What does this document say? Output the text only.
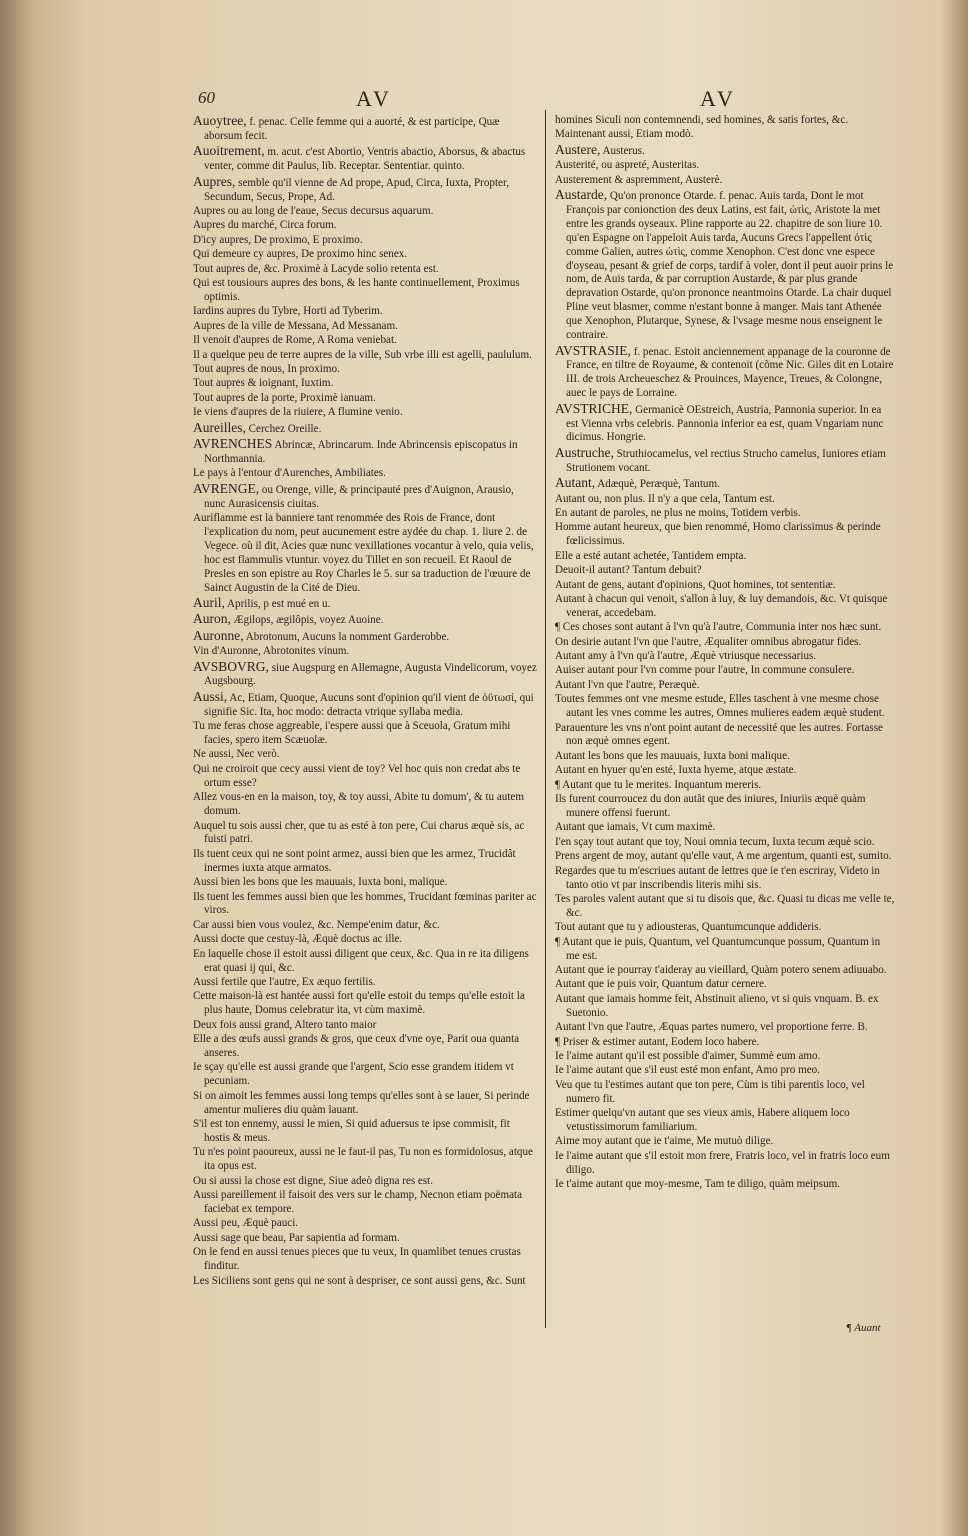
60	AV	AV
Auoytree, f. penac. Celle femme qui a auorté, & est participe, Quæ aborsum fecit.
Auoitrement, m. acut. c'est Abortio, Ventris abactio, Aborsus, & abactus venter, comme dit Paulus, lib. Receptar. Sententiar. quinto.
Aupres, semble qu'il vienne de Ad prope, Apud, Circa, Iuxta, Propter, Secundum, Secus, Prope, Ad.
Aupres ou au long de l'eaue, Secus decursus aquarum.
Aupres du marché, Circa forum.
D'icy aupres, De proximo, E proximo.
Qui demeure cy aupres, De proximo hinc senex.
Tout aupres de, &c. Proximè à Lacyde solio retenta est.
Qui est tousiours aupres des bons, & les hante continuellement, Proximus optimis.
Iardins aupres du Tybre, Horti ad Tyberim.
Aupres de la ville de Messana, Ad Messanam.
Il venoit d'aupres de Rome, A Roma veniebat.
Il a quelque peu de terre aupres de la ville, Sub vrbe illi est agelli, paululum.
Tout aupres de nous, In proximo.
Tout aupres & ioignant, Iuxtim.
Tout aupres de la porte, Proximè ianuam.
Ie viens d'aupres de la riuiere, A flumine venio.
Aureilles, Cerchez Oreille.
AVRENCHES Abrincæ, Abrincarum. Inde Abrincensis episcopatus in Northmannia.
Le pays à l'entour d'Aurenches, Ambiliates.
AVRENGE, ou Orenge, ville, & principauté pres d'Auignon, Arausio, nunc Aurasicensis ciuitas.
Auriflamme est la banniere tant renommée des Rois de France, dont l'explication du nom, peut aucunement estre aydée du chap. 1. liure 2. de Vegece. où il dit, Acies quæ nunc vexillationes vocantur à velo, quia velis, hoc est flammulis vtuntur. voyez du Tillet en son recueil. Et Raoul de Presles en son epistre au Roy Charles le 5. sur sa traduction de l'œuure de Sainct Augustin de la Cité de Dieu.
Auril, Aprilis, p est mué en u.
Auron, Ægilops, ægilôpis, voyez Auoine.
Auronne, Abrotonum, Aucuns la nomment Garderobbe.
Vin d'Auronne, Abrotonites vinum.
AVSBOVRG, siue Augspurg en Allemagne, Augusta Vindelicorum, voyez Augsbourg.
Aussi, Ac, Etiam, Quoque, Aucuns sont d'opinion qu'il vient de ὁϋτωσί, qui signifie Sic. Ita, hoc modo: detracta vtrique syllaba media.
Tu me feras chose aggreable, i'espere aussi que à Sceuola, Gratum mihi facies, spero item Scæuolæ.
Ne aussi, Nec verò.
Qui ne croiroit que cecy aussi vient de toy? Vel hoc quis non credat abs te ortum esse?
Allez vous-en en la maison, toy, & toy aussi, Abite tu domum', & tu autem domum.
Auquel tu sois aussi cher, que tu as esté à ton pere, Cui charus æquè sis, ac fuisti patri.
Ils tuent ceux qui ne sont point armez, aussi bien que les armez, Trucidât inermes iuxta atque armatos.
Aussi bien les bons que les mauuais, Iuxta boni, malique.
Ils tuent les femmes aussi bien que les hommes, Trucidant fœminas pariter ac viros.
Car aussi bien vous voulez, &c. Nempe'enim datur, &c.
Aussi docte que cestuy-là, Æquè doctus ac ille.
En laquelle chose il estoit aussi diligent que ceux, &c. Qua in re ita diligens erat quasi ij qui, &c.
Aussi fertile que l'autre, Ex æquo fertilis.
Cette maison-là est hantée aussi fort qu'elle estoit du temps qu'elle estoit la plus haute, Domus celebratur ita, vt cùm maximè.
Deux fois aussi grand, Altero tanto maior
Elle a des œufs aussi grands & gros, que ceux d'vne oye, Parit oua quanta anseres.
Ie sçay qu'elle est aussi grande que l'argent, Scio esse grandem itidem vt pecuniam.
Si on aimoit les femmes aussi long temps qu'elles sont à se lauer, Si perinde amentur mulieres diu quàm lauant.
S'il est ton ennemy, aussi le mien, Si quid aduersus te ipse commisit, fit hostis & meus.
Tu n'es point paoureux, aussi ne le faut-il pas, Tu non es formidolosus, atque ita opus est.
Ou si aussi la chose est digne, Siue adeò digna res est.
Aussi pareillement il faisoit des vers sur le champ, Necnon etiam poëmata faciebat ex tempore.
Aussi peu, Æquè pauci.
Aussi sage que beau, Par sapientia ad formam.
On le fend en aussi tenues pieces que tu veux, In quamlibet tenues crustas finditur.
Les Siciliens sont gens qui ne sont à despriser, ce sont aussi gens, &c. Sunt
homines Siculi non contemnendi, sed homines, & satis fortes, &c.
Maintenant aussi, Etiam modò.
Austere, Austerus.
Austerité, ou aspreté, Austeritas.
Austerement & aspremment, Austerè.
Austarde, Qu'on prononce Otarde. f. penac. Auis tarda, Dont le mot François par conionction des deux Latins, est fait, ὠτὶς, Aristote la met entre les grands oyseaux. Pline rapporte au 22. chapitre de son liure 10. qu'en Espagne on l'appeloit Auis tarda, Aucuns Grecs l'appellent ὀτὶς comme Galien, autres ὠτὶς, comme Xenophon. C'est donc vne espece d'oyseau, pesant & grief de corps, tardif à voler, dont il peut auoir prins le nom, de Auis tarda, & par corruption Austarde, & par plus grande depravation Ostarde, qu'on prononce neantmoins Otarde. La chair duquel Pline veut blasmer, comme n'estant bonne à manger. Mais tant Athenée que Xenophon, Plutarque, Synese, & l'vsage mesme nous enseignent le contraire.
AVSTRASIE, f. penac. Estoit anciennement appanage de la couronne de France, en tiltre de Royaume, & contenoit (cõme Nic. Giles dit en Lotaire III. de trois Archeueschez & Prouinces, Mayence, Treues, & Colongne, auec le pays de Lorraine.
AVSTRICHE, Germanicè OEstreich, Austria, Pannonia superior. In ea est Vienna vrbs celebris. Pannonia inferior ea est, quam Vngariam nunc dicimus. Hongrie.
Austruche, Struthiocamelus, vel rectius Strucho camelus, Iuniores etiam Strutionem vocant.
Autant, Adæquè, Peræquè, Tantum.
Autant ou, non plus. Il n'y a que cela, Tantum est.
En autant de paroles, ne plus ne moins, Totidem verbis.
Homme autant heureux, que bien renommé, Homo clarissimus & perinde fœlicissimus.
Elle a esté autant achetée, Tantidem empta.
Deuoit-il autant? Tantum debuit?
Autant de gens, autant d'opinions, Quot homines, tot sententiæ.
Autant à chacun qui venoit, s'allon à luy, & luy demandois, &c. Vt quisque venerat, accedebam.
¶ Ces choses sont autant à l'vn qu'à l'autre, Communia inter nos hæc sunt.
On desirie autant l'vn que l'autre, Æqualiter omnibus abrogatur fides.
Autant amy à l'vn qu'à l'autre, Æquè vtriusque necessarius.
Auiser autant pour l'vn comme pour l'autre, In commune consulere.
Autant l'vn que l'autre, Peræquè.
Toutes femmes ont vne mesme estude, Elles taschent à vne mesme chose autant les vnes comme les autres, Omnes mulieres eadem æquè student.
Parauenture les vns n'ont point autant de necessité que les autres. Fortasse non æquè omnes egent.
Autant les bons que les mauuais, Iuxta boni malique.
Autant en hyuer qu'en esté, Iuxta hyeme, atque æstate.
¶ Autant que tu le merites. Inquantum mereris.
Ils furent courroucez du don autãt que des iniures, Iniuriis æquè quàm munere offensi fuerunt.
Autant que iamais, Vt cum maximè.
I'en sçay tout autant que toy, Noui omnia tecum, Iuxta tecum æquè scio.
Prens argent de moy, autant qu'elle vaut, A me argentum, quanti est, sumito.
Regardes que tu m'escriues autant de lettres que ie t'en escriray, Videto in tanto otio vt par inscribendis literis mihi sis.
Tes paroles valent autant que si tu disois que, &c. Quasi tu dicas me velle te, &c.
Tout autant que tu y adiousteras, Quantumcunque addideris.
¶ Autant que ie puis, Quantum, vel Quantumcunque possum, Quantum in me est.
Autant que ie pourray t'aideray au vieillard, Quàm potero senem adiuuabo.
Autant que ie puis voir, Quantum datur cernere.
Autant que iamais homme feit, Abstinuit alieno, vt si quis vnquam. B. ex Suetonio.
Autant l'vn que l'autre, Æquas partes numero, vel proportione ferre. B.
¶ Priser & estimer autant, Eodem loco habere.
Ie l'aime autant qu'il est possible d'aimer, Summè eum amo.
Ie l'aime autant que s'il eust esté mon enfant, Amo pro meo.
Veu que tu l'estimes autant que ton pere, Cùm is tibi parentis loco, vel numero fit.
Estimer quelqu'vn autant que ses vieux amis, Habere aliquem loco vetustissimorum familiarium.
Aime moy autant que ie t'aime, Me mutuò dilige.
Ie l'aime autant que s'il estoit mon frere, Fratris loco, vel in fratris loco eum diligo.
Ie t'aime autant que moy-mesme, Tam te diligo, quàm meipsum.
¶ Auant
